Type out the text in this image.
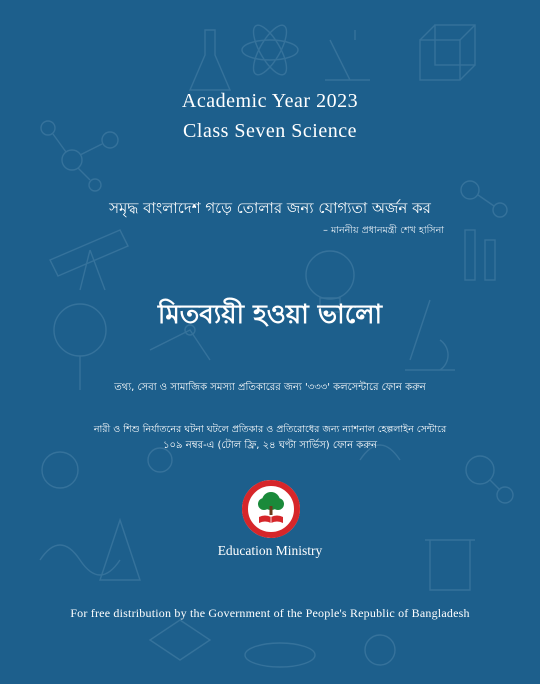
Academic Year 2023
Class Seven Science
সমৃদ্ধ বাংলাদেশ গড়ে তোলার জন্য যোগ্যতা অর্জন কর
– মাননীয় প্রধানমন্ত্রী শেখ হাসিনা
মিতব্যয়ী হওয়া ভালো
তথ্য, সেবা ও সামাজিক সমস্যা প্রতিকারের জন্য '৩৩৩' কলসেন্টারে ফোন করুন
নারী ও শিশু নির্যাতনের ঘটনা ঘটলে প্রতিকার ও প্রতিরোধের জন্য ন্যাশনাল হেল্পলাইন সেন্টারে
১০৯ নম্বর-এ (টোল ফ্রি, ২৪ ঘণ্টা সার্ভিস) ফোন করুন
Education Ministry
For free distribution by the Government of the People's Republic of Bangladesh
